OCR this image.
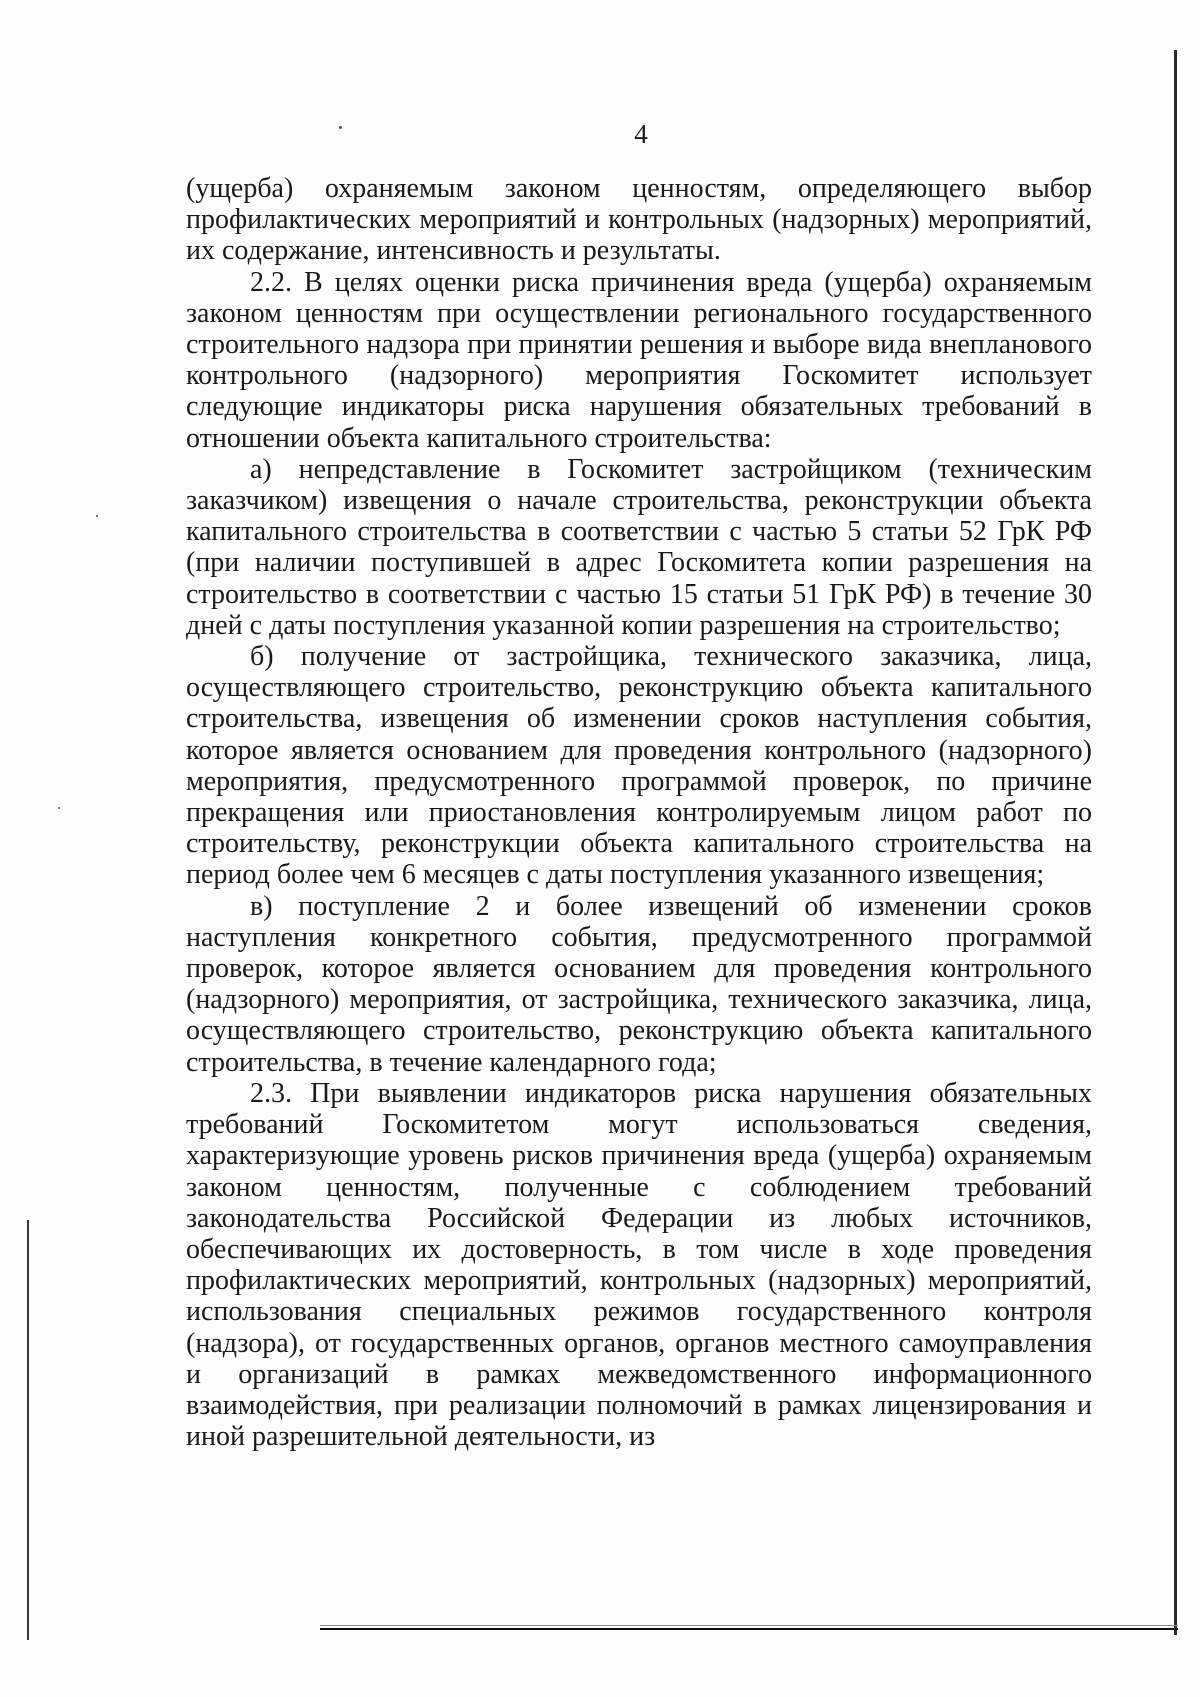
4

(ущерба) охраняемым законом ценностям, определяющего выбор профилактических мероприятий и контрольных (надзорных) мероприятий, их содержание, интенсивность и результаты.

2.2. В целях оценки риска причинения вреда (ущерба) охраняемым законом ценностям при осуществлении регионального государственного строительного надзора при принятии решения и выборе вида внепланового контрольного (надзорного) мероприятия Госкомитет использует следующие индикаторы риска нарушения обязательных требований в отношении объекта капитального строительства:

а) непредставление в Госкомитет застройщиком (техническим заказчиком) извещения о начале строительства, реконструкции объекта капитального строительства в соответствии с частью 5 статьи 52 ГрК РФ (при наличии поступившей в адрес Госкомитета копии разрешения на строительство в соответствии с частью 15 статьи 51 ГрК РФ) в течение 30 дней с даты поступления указанной копии разрешения на строительство;

б) получение от застройщика, технического заказчика, лица, осуществляющего строительство, реконструкцию объекта капитального строительства, извещения об изменении сроков наступления события, которое является основанием для проведения контрольного (надзорного) мероприятия, предусмотренного программой проверок, по причине прекращения или приостановления контролируемым лицом работ по строительству, реконструкции объекта капитального строительства на период более чем 6 месяцев с даты поступления указанного извещения;

в) поступление 2 и более извещений об изменении сроков наступления конкретного события, предусмотренного программой проверок, которое является основанием для проведения контрольного (надзорного) мероприятия, от застройщика, технического заказчика, лица, осуществляющего строительство, реконструкцию объекта капитального строительства, в течение календарного года;

2.3. При выявлении индикаторов риска нарушения обязательных требований Госкомитетом могут использоваться сведения, характеризующие уровень рисков причинения вреда (ущерба) охраняемым законом ценностям, полученные с соблюдением требований законодательства Российской Федерации из любых источников, обеспечивающих их достоверность, в том числе в ходе проведения профилактических мероприятий, контрольных (надзорных) мероприятий, использования специальных режимов государственного контроля (надзора), от государственных органов, органов местного самоуправления и организаций в рамках межведомственного информационного взаимодействия, при реализации полномочий в рамках лицензирования и иной разрешительной деятельности, из
